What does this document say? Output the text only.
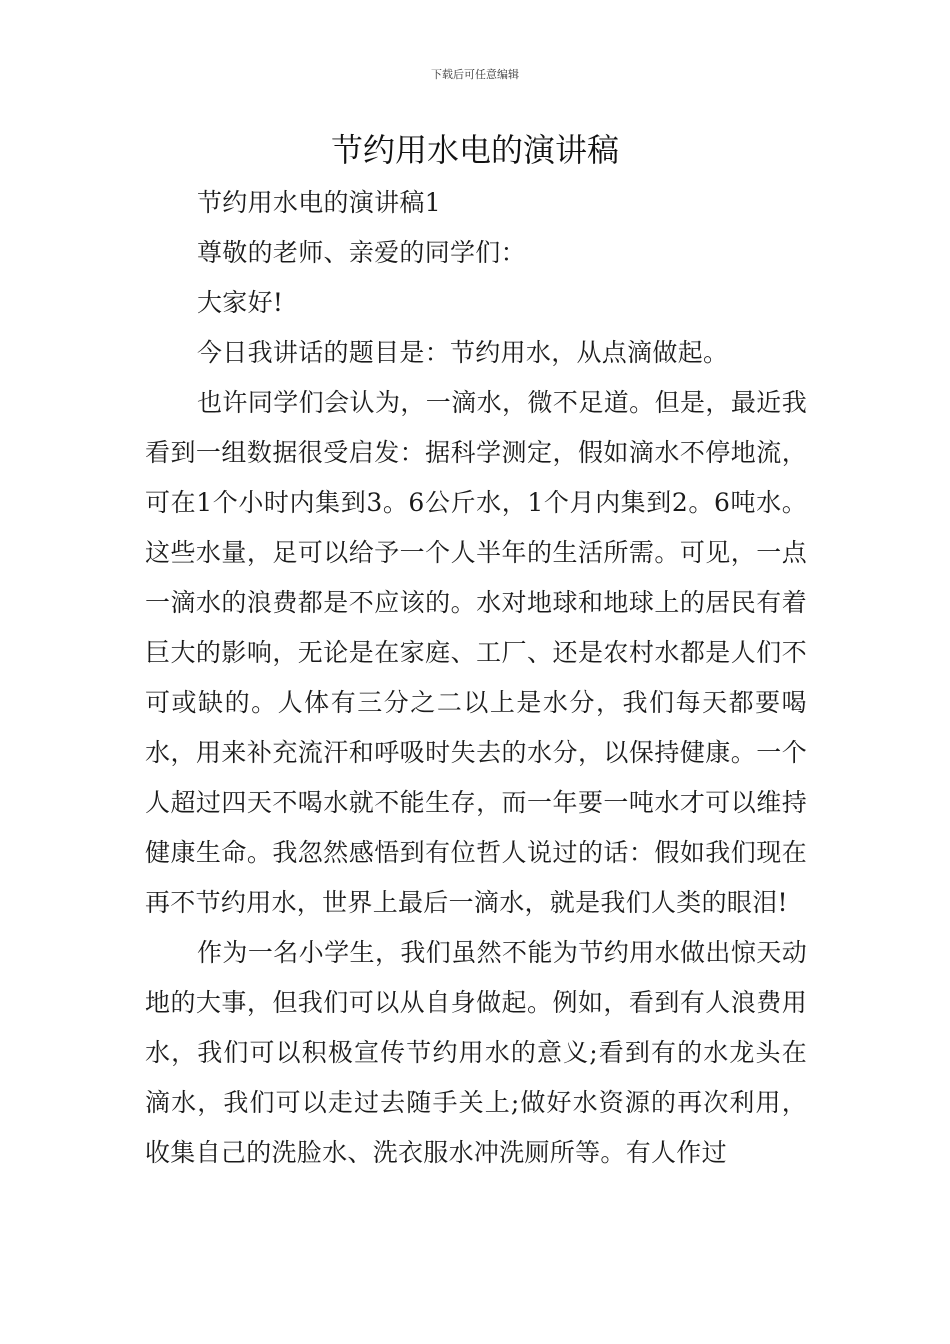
下载后可任意编辑
节约用水电的演讲稿

节约用水电的演讲稿1

尊敬的老师、亲爱的同学们：

大家好!

今日我讲话的题目是：节约用水，从点滴做起。

也许同学们会认为，一滴水，微不足道。但是，最近我看到一组数据很受启发：据科学测定，假如滴水不停地流，可在1个小时内集到3。6公斤水，1个月内集到2。6吨水。这些水量，足可以给予一个人半年的生活所需。可见，一点一滴水的浪费都是不应该的。水对地球和地球上的居民有着巨大的影响，无论是在家庭、工厂、还是农村水都是人们不可或缺的。人体有三分之二以上是水分，我们每天都要喝水，用来补充流汗和呼吸时失去的水分，以保持健康。一个人超过四天不喝水就不能生存，而一年要一吨水才可以维持健康生命。我忽然感悟到有位哲人说过的话：假如我们现在再不节约用水，世界上最后一滴水，就是我们人类的眼泪!

作为一名小学生，我们虽然不能为节约用水做出惊天动地的大事，但我们可以从自身做起。例如，看到有人浪费用水，我们可以积极宣传节约用水的意义;看到有的水龙头在滴水，我们可以走过去随手关上;做好水资源的再次利用，收集自己的洗脸水、洗衣服水冲洗厕所等。有人作过
